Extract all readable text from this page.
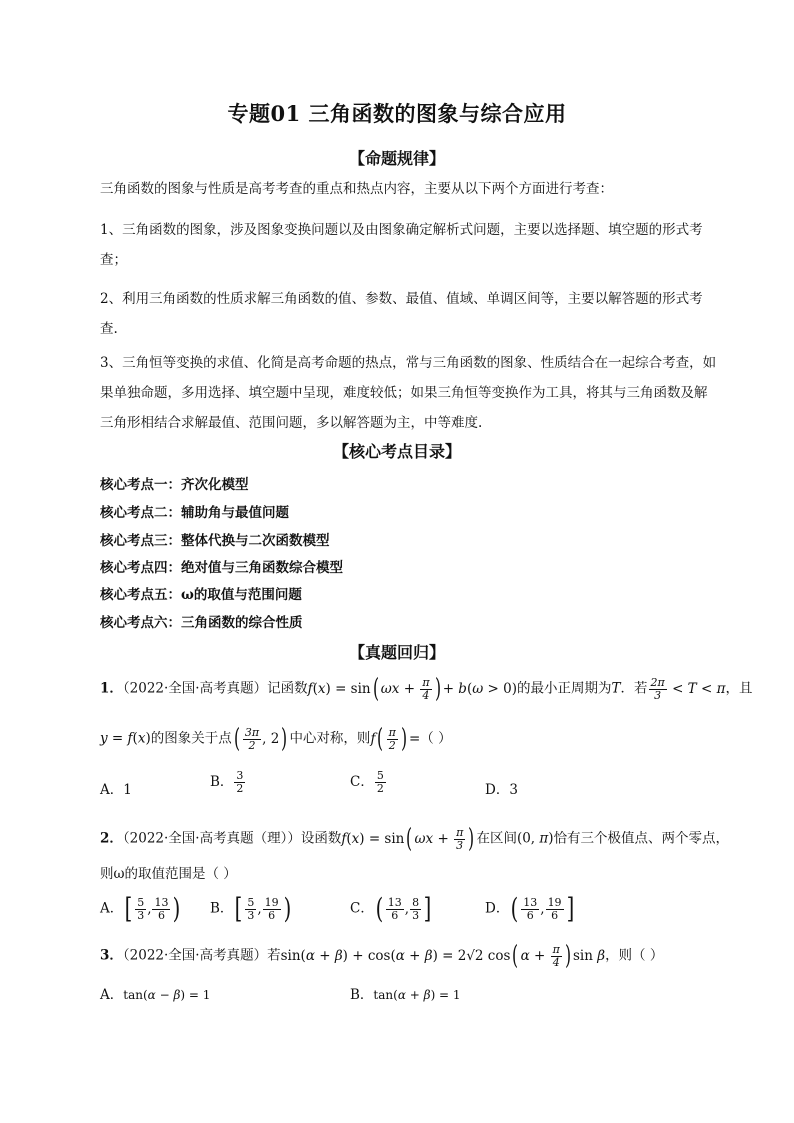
专题01 三角函数的图象与综合应用
【命题规律】
三角函数的图象与性质是高考考查的重点和热点内容，主要从以下两个方面进行考查：
1、三角函数的图象，涉及图象变换问题以及由图象确定解析式问题，主要以选择题、填空题的形式考查；
2、利用三角函数的性质求解三角函数的值、参数、最值、值域、单调区间等，主要以解答题的形式考查.
3、三角恒等变换的求值、化简是高考命题的热点，常与三角函数的图象、性质结合在一起综合考查，如果单独命题，多用选择、填空题中呈现，难度较低；如果三角恒等变换作为工具，将其与三角函数及解三角形相结合求解最值、范围问题，多以解答题为主，中等难度.
【核心考点目录】
核心考点一：齐次化模型
核心考点二：辅助角与最值问题
核心考点三：整体代换与二次函数模型
核心考点四：绝对值与三角函数综合模型
核心考点五：ω的取值与范围问题
核心考点六：三角函数的综合性质
【真题回归】
1．（2022·全国·高考真题）记函数f(x) = sin( $\omega x + \frac{\pi}{4}$ ) + b(ω > 0)的最小正周期为T．若 $\frac{2\pi}{3} < T < \pi$，且
y = f(x)的图象关于点( $\frac{3\pi}{2}$ , 2) 中心对称，则$f( \frac{\pi}{2}$ ) =（ ）
A．1	B． $\frac{3}{2}$	C． $\frac{5}{2}$	D．3
2．（2022·全国·高考真题（理））设函数f(x) = sin( $\omega x + \frac{\pi}{3}$ ) 在区间(0, π)恰有三个极值点、两个零点，
则ω的取值范围是（ ）
A．[ $\frac{5}{3}$ , $\frac{13}{6}$ ) B．[ $\frac{5}{3}$ , $\frac{19}{6}$ )	C．( $\frac{13}{6}$ , $\frac{8}{3}$ ]	D．( $\frac{13}{6}$ , $\frac{19}{6}$ ]
3．（2022·全国·高考真题）若sin(α + β) + cos(α + β) = 2√2 cos( $\alpha + \frac{\pi}{4}$ ) sin β，则（ ）
A．tan(α − β) = 1	B．tan(α + β) = 1
